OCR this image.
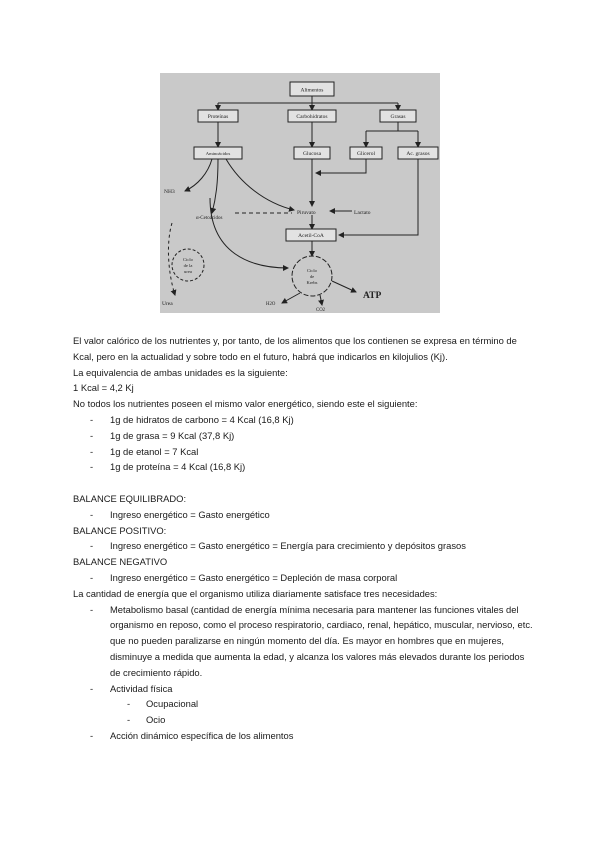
Alimentos
Proteínas	Carbohidratos	Grasas
Aminoácidos	Glucosa	Glicerol	Ac. grasos
Acetil-CoA
NH3
α-Cetoácidos
Piruvato	Lactato
Urea	H2O
CO2
Ciclo
de la
urea	Ciclo
de
Krebs
ATP

El valor calórico de los nutrientes y, por tanto, de los alimentos que los contienen se expresa en término de Kcal, pero en la actualidad y sobre todo en el futuro, habrá que indicarlos en kilojulios (Kj).

La equivalencia de ambas unidades es la siguiente:

1 Kcal = 4,2 Kj

No todos los nutrientes poseen el mismo valor energético, siendo este el siguiente:

- 1g de hidratos de carbono = 4 Kcal (16,8 Kj)
- 1g de grasa = 9 Kcal (37,8 Kj)
- 1g de etanol = 7 Kcal
- 1g de proteína = 4 Kcal (16,8 Kj)

BALANCE EQUILIBRADO:

- Ingreso energético = Gasto energético

BALANCE POSITIVO:

- Ingreso energético = Gasto energético = Energía para crecimiento y depósitos grasos

BALANCE NEGATIVO

- Ingreso energético = Gasto energético = Depleción de masa corporal

La cantidad de energía que el organismo utiliza diariamente satisface tres necesidades:

- Metabolismo basal (cantidad de energía mínima necesaria para mantener las funciones vitales del organismo en reposo, como el proceso respiratorio, cardiaco, renal, hepático, muscular, nervioso, etc. que no pueden paralizarse en ningún momento del día. Es mayor en hombres que en mujeres, disminuye a medida que aumenta la edad, y alcanza los valores más elevados durante los periodos de crecimiento rápido.
- Actividad física
- Ocupacional
- Ocio
- Acción dinámico específica de los alimentos
